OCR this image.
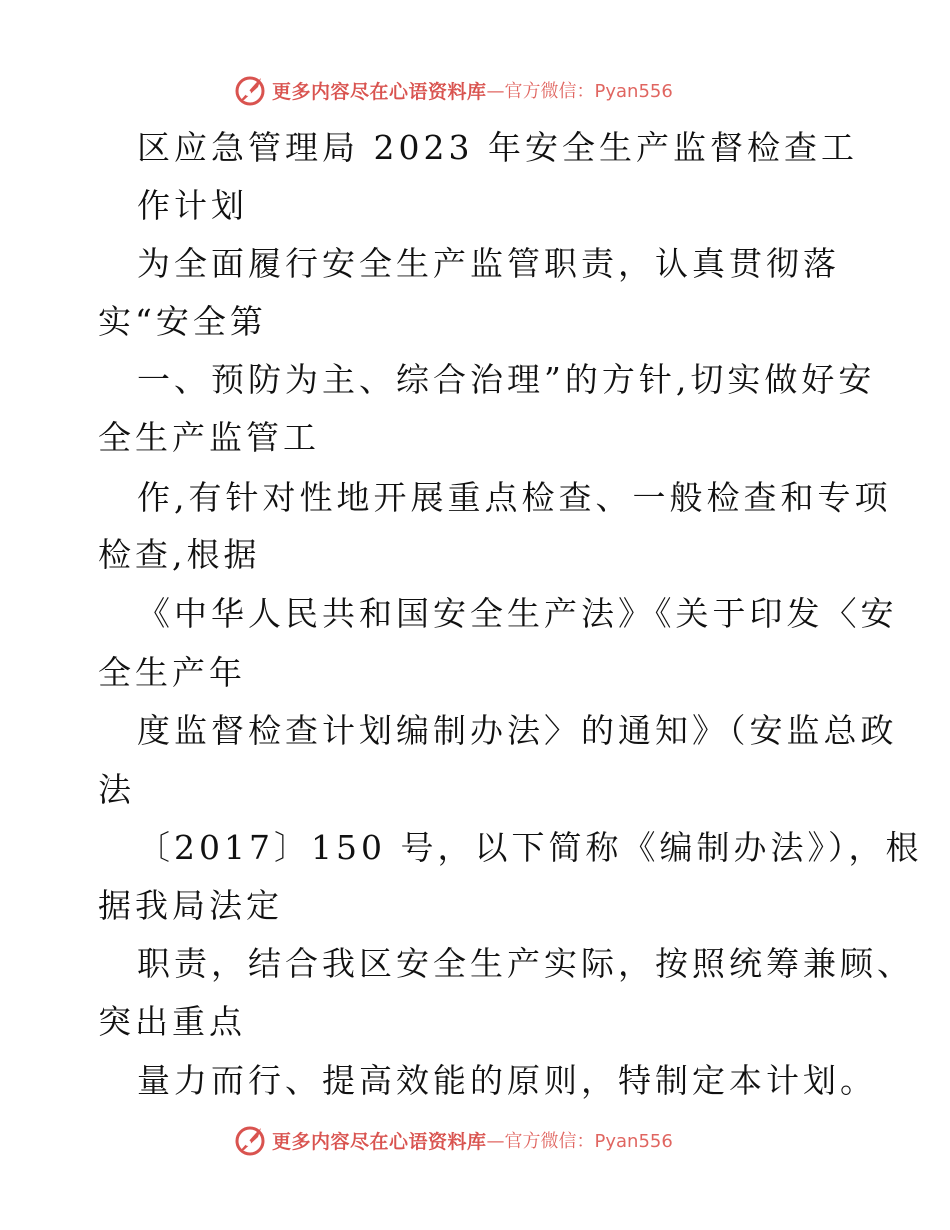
更多内容尽在心语资料库 —官方微信：Pyan556
区应急管理局 2023 年安全生产监督检查工
作计划
为全面履行安全生产监管职责，认真贯彻落
实“安全第
一、预防为主、综合治理”的方针,切实做好安
全生产监管工
作,有针对性地开展重点检查、一般检查和专项
检查,根据
《中华人民共和国安全生产法》《关于印发〈安
全生产年
度监督检查计划编制办法〉的通知》（安监总政
法
〔2017〕150 号，以下简称《编制办法》），根
据我局法定
职责，结合我区安全生产实际，按照统筹兼顾、
突出重点
量力而行、提高效能的原则，特制定本计划。
更多内容尽在心语资料库 —官方微信：Pyan556
